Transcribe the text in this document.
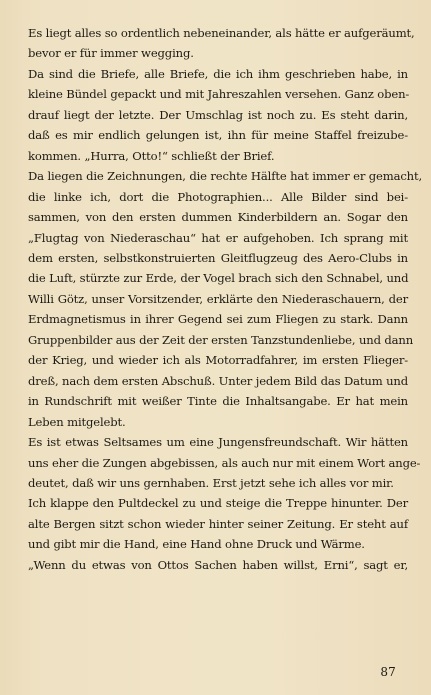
Es liegt alles so ordentlich nebeneinander, als hätte er aufgeräumt,
bevor er für immer wegging.
Da sind die Briefe, alle Briefe, die ich ihm geschrieben habe, in
kleine Bündel gepackt und mit Jahreszahlen versehen. Ganz oben-
drauf liegt der letzte. Der Umschlag ist noch zu. Es steht darin,
daß es mir endlich gelungen ist, ihn für meine Staffel freizube-
kommen. „Hurra, Otto!“ schließt der Brief.
Da liegen die Zeichnungen, die rechte Hälfte hat immer er gemacht,
die linke ich, dort die Photographien... Alle Bilder sind bei-
sammen, von den ersten dummen Kinderbildern an. Sogar den
„Flugtag von Niederaschau“ hat er aufgehoben. Ich sprang mit
dem ersten, selbstkonstruierten Gleitflugzeug des Aero-Clubs in
die Luft, stürzte zur Erde, der Vogel brach sich den Schnabel, und
Willi Götz, unser Vorsitzender, erklärte den Niederaschauern, der
Erdmagnetismus in ihrer Gegend sei zum Fliegen zu stark. Dann
Gruppenbilder aus der Zeit der ersten Tanzstundenliebe, und dann
der Krieg, und wieder ich als Motorradfahrer, im ersten Flieger-
dreß, nach dem ersten Abschuß. Unter jedem Bild das Datum und
in Rundschrift mit weißer Tinte die Inhaltsangabe. Er hat mein
Leben mitgelebt.
Es ist etwas Seltsames um eine Jungensfreundschaft. Wir hätten
uns eher die Zungen abgebissen, als auch nur mit einem Wort ange-
deutet, daß wir uns gernhaben. Erst jetzt sehe ich alles vor mir.
Ich klappe den Pultdeckel zu und steige die Treppe hinunter. Der
alte Bergen sitzt schon wieder hinter seiner Zeitung. Er steht auf
und gibt mir die Hand, eine Hand ohne Druck und Wärme.
„Wenn du etwas von Ottos Sachen haben willst, Erni“, sagt er,
87
